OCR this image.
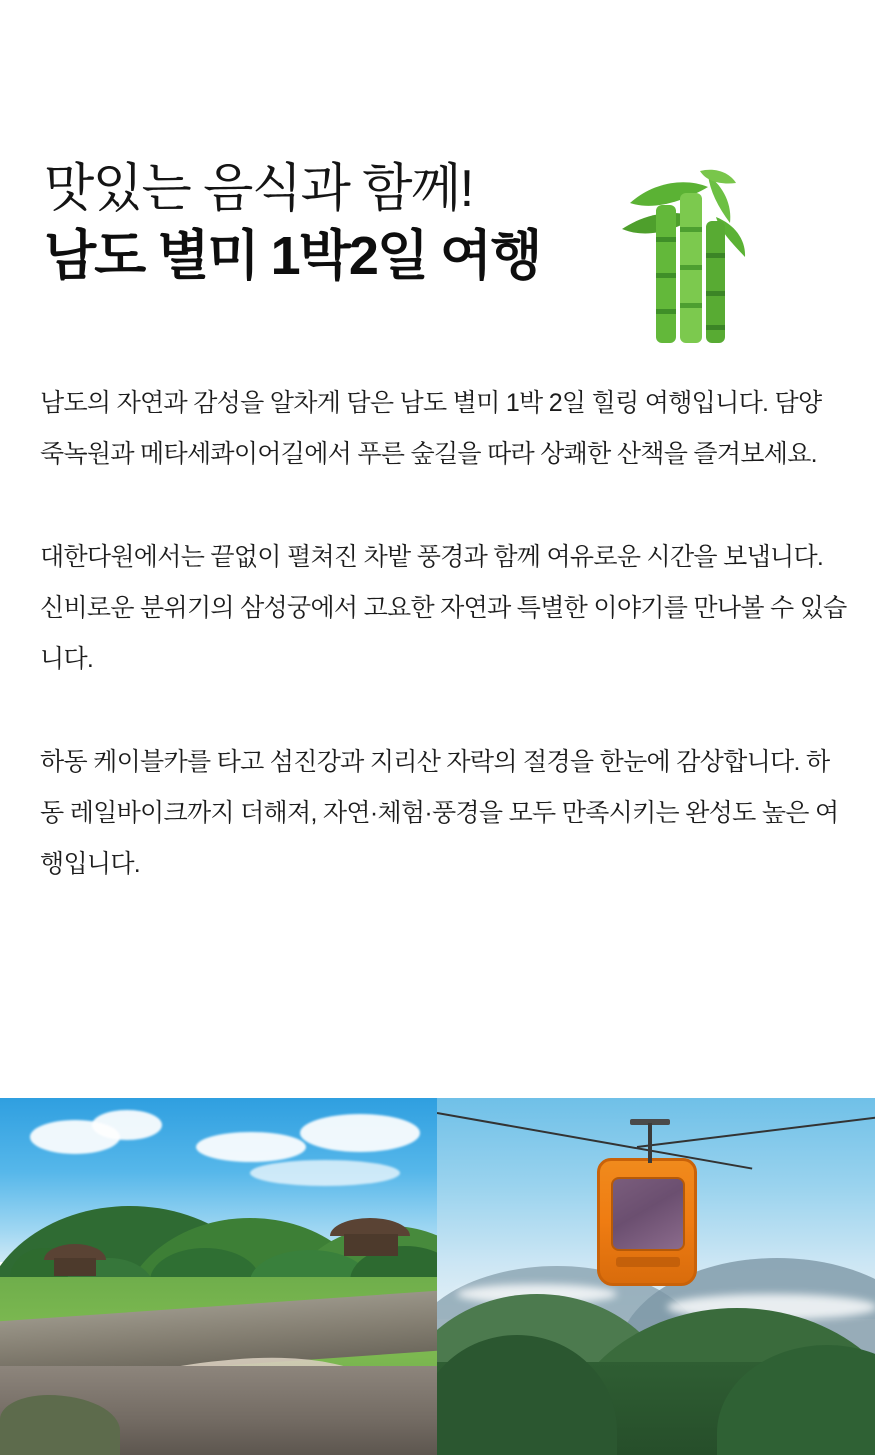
맛있는 음식과 함께!
남도 별미 1박2일 여행

남도의 자연과 감성을 알차게 담은 남도 별미 1박 2일 힐링 여행입니다. 담양 죽녹원과 메타세콰이어길에서 푸른 숲길을 따라 상쾌한 산책을 즐겨보세요.

대한다원에서는 끝없이 펼쳐진 차밭 풍경과 함께 여유로운 시간을 보냅니다. 신비로운 분위기의 삼성궁에서 고요한 자연과 특별한 이야기를 만나볼 수 있습니다.

하동 케이블카를 타고 섬진강과 지리산 자락의 절경을 한눈에 감상합니다. 하동 레일바이크까지 더해져, 자연·체험·풍경을 모두 만족시키는 완성도 높은 여행입니다.
